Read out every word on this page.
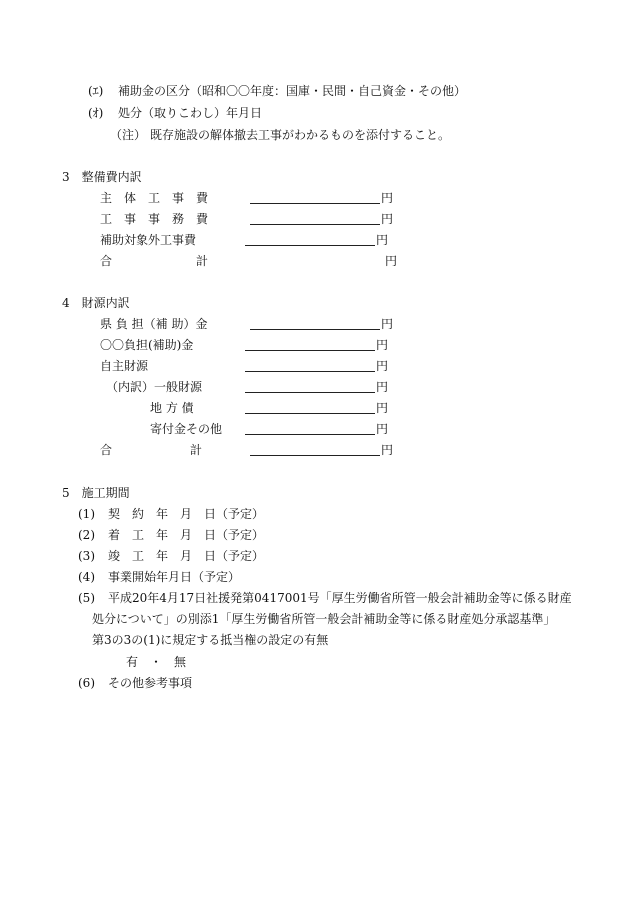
(ｴ) 補助金の区分（昭和〇〇年度：国庫・民間・自己資金・その他）
(ｵ) 処分（取りこわし）年月日
（注） 既存施設の解体撤去工事がわかるものを添付すること。
3　整備費内訳
主　体　工　事　費	円
工　事　事　務　費	円
補助対象外工事費	円
合	計	円
4　財源内訳
県 負 担（補 助）金	円
〇〇負担(補助)金	円
自主財源	円
（内訳）一般財源	円
地 方 債	円
寄付金その他	円
合	計	円
5　施工期間
(1) 契　約　年　月　日（予定）
(2) 着　工　年　月　日（予定）
(3) 竣　工　年　月　日（予定）
(4) 事業開始年月日（予定）
(5) 平成20年4月17日社援発第0417001号「厚生労働省所管一般会計補助金等に係る財産
処分について」の別添1「厚生労働省所管一般会計補助金等に係る財産処分承認基準」
第3の3の(1)に規定する抵当権の設定の有無
有　・　無
(6) その他参考事項
